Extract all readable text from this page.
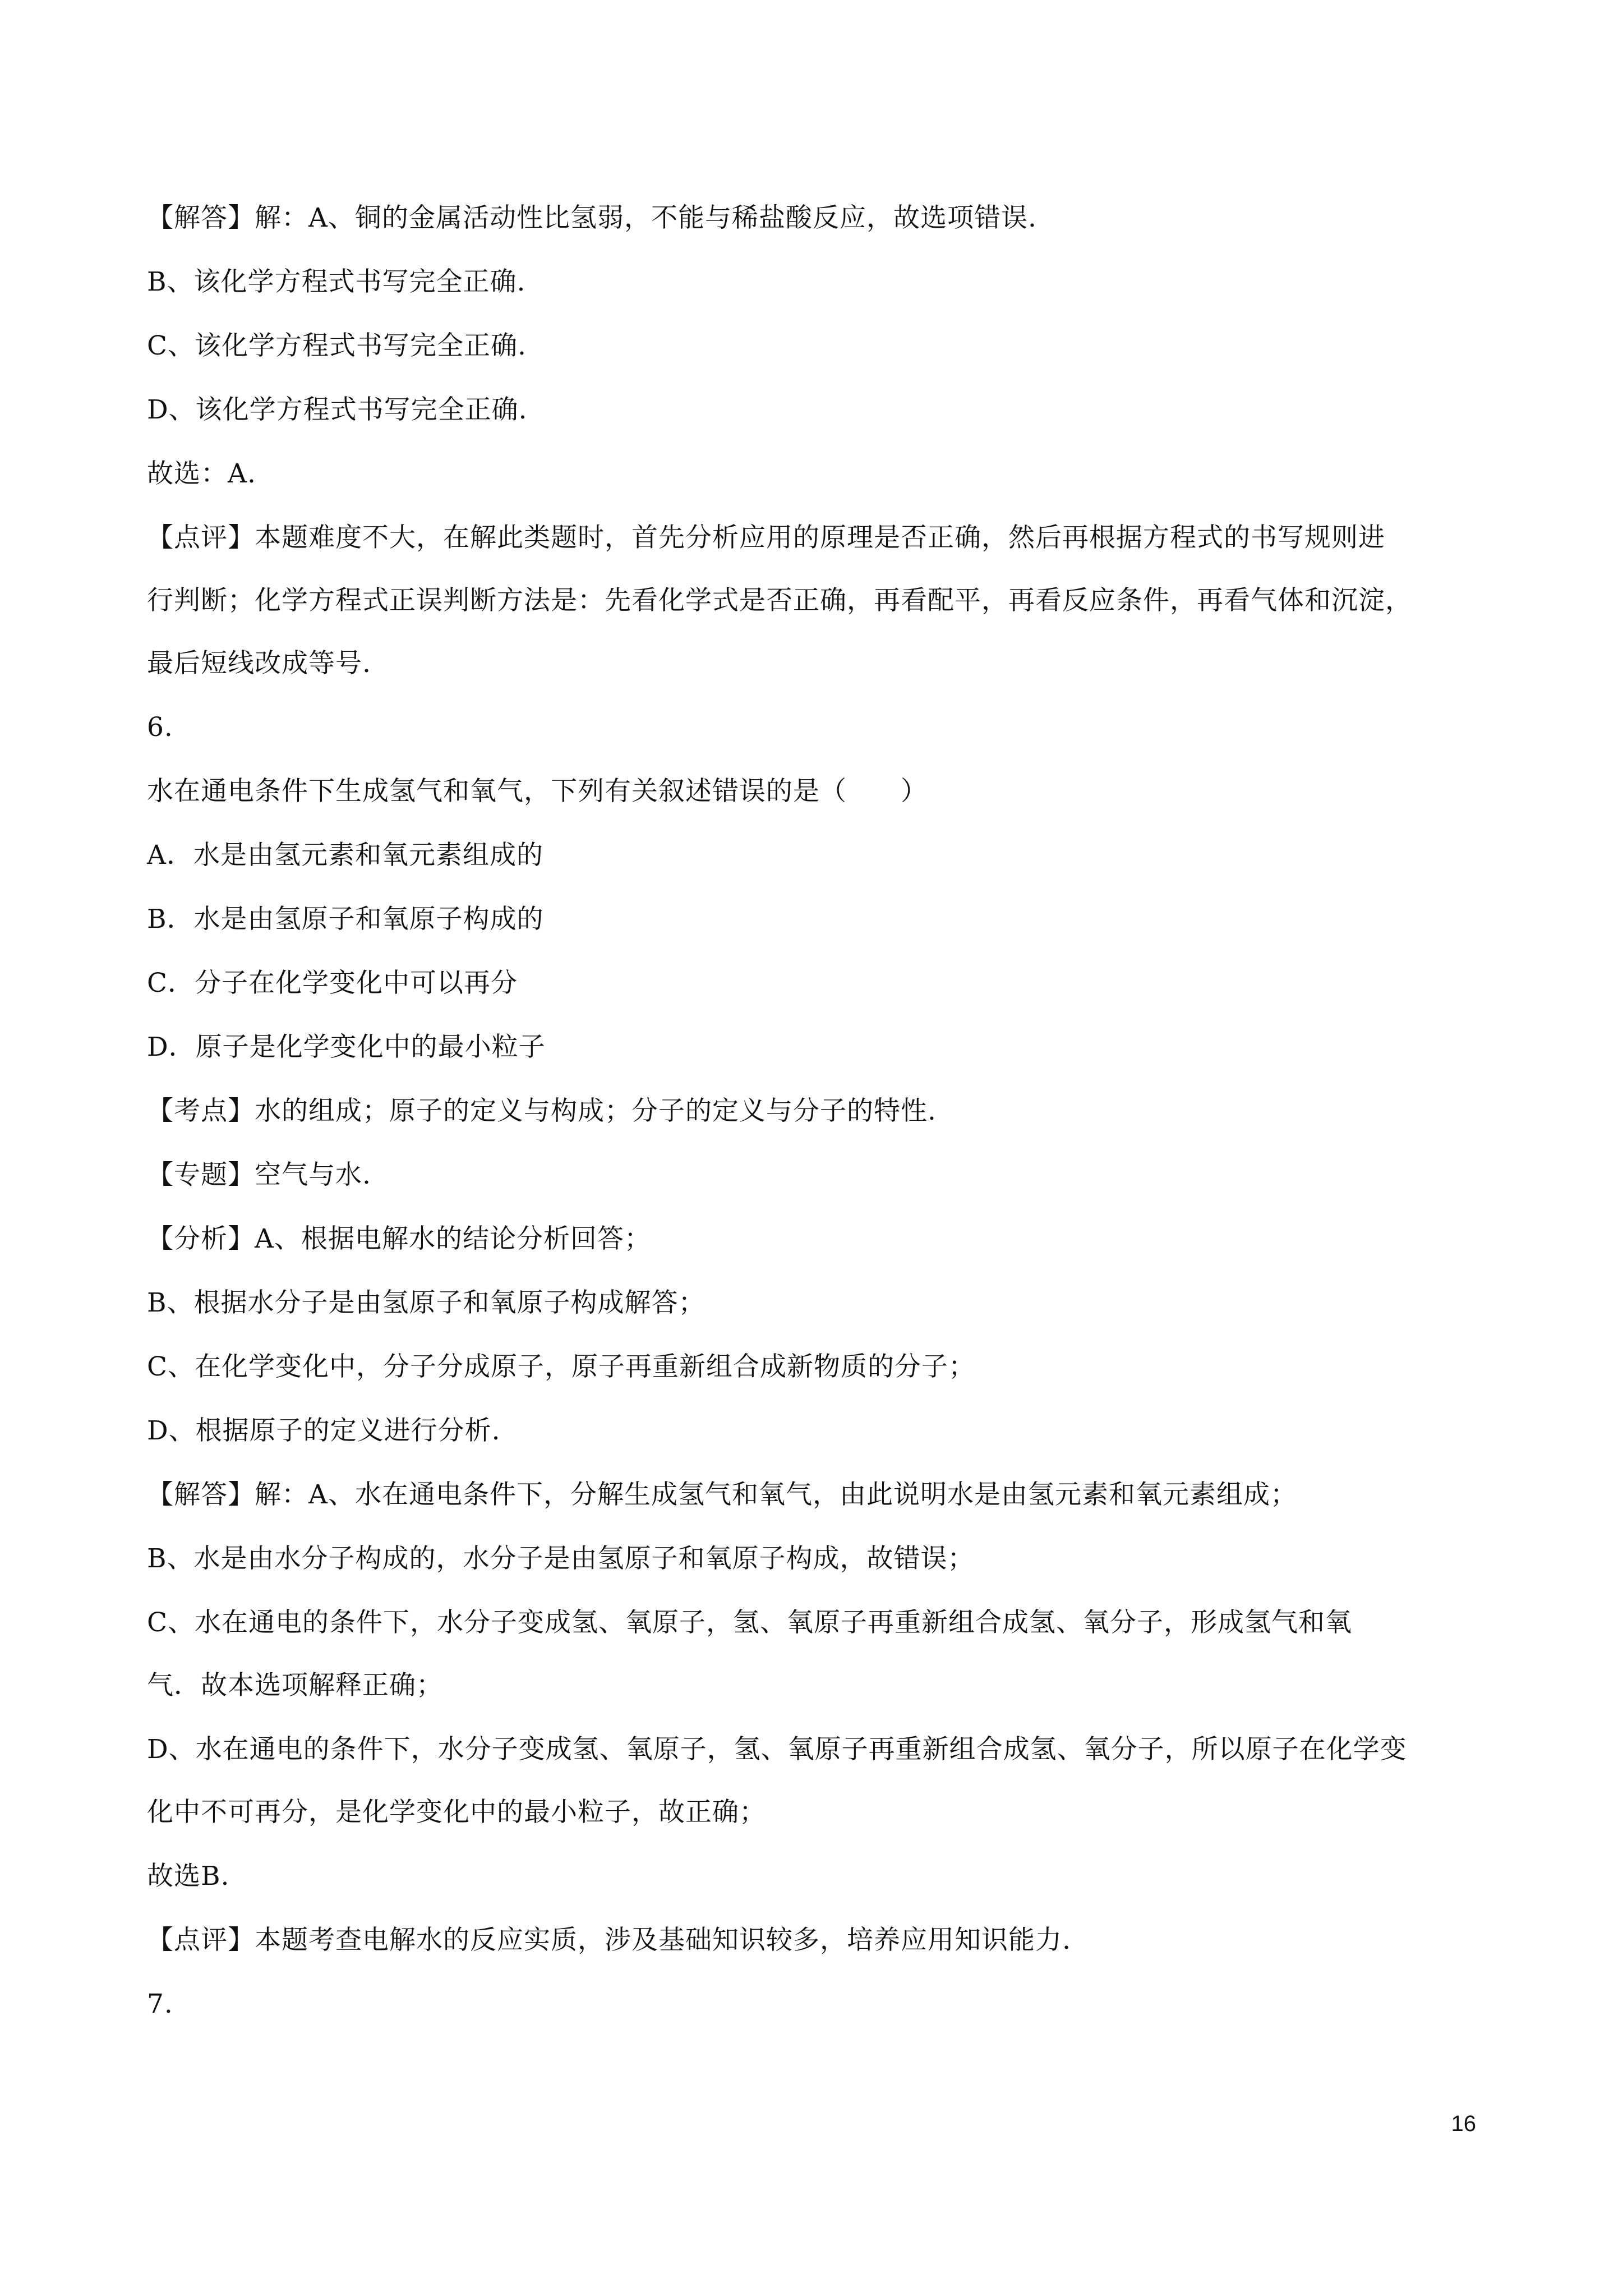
【解答】解：A、铜的金属活动性比氢弱，不能与稀盐酸反应，故选项错误.
B、该化学方程式书写完全正确.
C、该化学方程式书写完全正确.
D、该化学方程式书写完全正确.
故选：A.
【点评】本题难度不大，在解此类题时，首先分析应用的原理是否正确，然后再根据方程式的书写规则进
行判断；化学方程式正误判断方法是：先看化学式是否正确，再看配平，再看反应条件，再看气体和沉淀，
最后短线改成等号.
6.
水在通电条件下生成氢气和氧气，下列有关叙述错误的是（　　）
A．水是由氢元素和氧元素组成的
B．水是由氢原子和氧原子构成的
C．分子在化学变化中可以再分
D．原子是化学变化中的最小粒子
【考点】水的组成；原子的定义与构成；分子的定义与分子的特性.
【专题】空气与水.
【分析】A、根据电解水的结论分析回答；
B、根据水分子是由氢原子和氧原子构成解答；
C、在化学变化中，分子分成原子，原子再重新组合成新物质的分子；
D、根据原子的定义进行分析.
【解答】解：A、水在通电条件下，分解生成氢气和氧气，由此说明水是由氢元素和氧元素组成；
B、水是由水分子构成的，水分子是由氢原子和氧原子构成，故错误；
C、水在通电的条件下，水分子变成氢、氧原子，氢、氧原子再重新组合成氢、氧分子，形成氢气和氧
气．故本选项解释正确；
D、水在通电的条件下，水分子变成氢、氧原子，氢、氧原子再重新组合成氢、氧分子，所以原子在化学变
化中不可再分，是化学变化中的最小粒子，故正确；
故选B.
【点评】本题考查电解水的反应实质，涉及基础知识较多，培养应用知识能力.
7.
16
